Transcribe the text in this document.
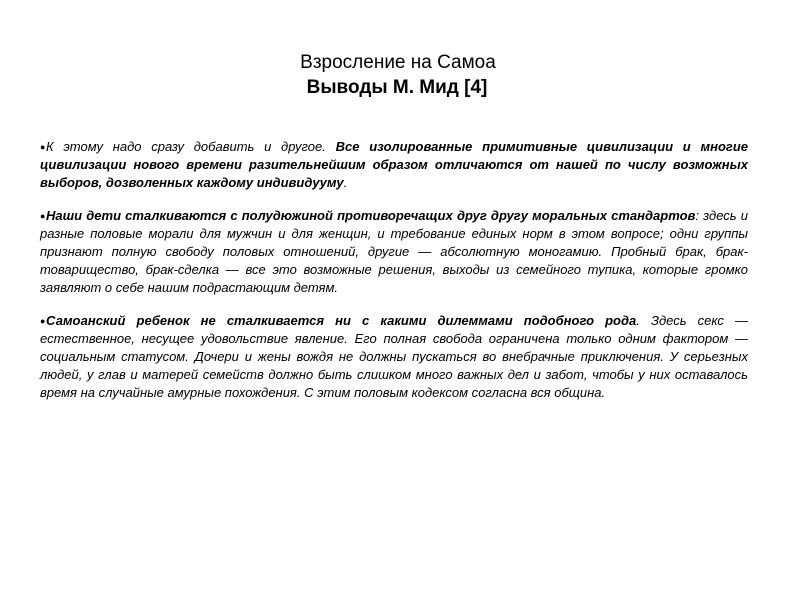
Взросление на Самоа

Выводы М. Мид [4]

●К этому надо сразу добавить и другое. Все изолированные примитивные цивилизации и многие цивилизации нового времени разительнейшим образом отличаются от нашей по числу возможных выборов, дозволенных каждому индивидууму.

●Наши дети сталкиваются с полудюжиной противоречащих друг другу моральных стандартов: здесь и разные половые морали для мужчин и для женщин, и требование единых норм в этом вопросе; одни группы признают полную свободу половых отношений, другие — абсолютную моногамию. Пробный брак, брак-товарищество, брак-сделка — все это возможные решения, выходы из семейного тупика, которые громко заявляют о себе нашим подрастающим детям.

●Самоанский ребенок не сталкивается ни с какими дилеммами подобного рода. Здесь секс — естественное, несущее удовольствие явление. Его полная свобода ограничена только одним фактором — социальным статусом. Дочери и жены вождя не должны пускаться во внебрачные приключения. У серьезных людей, у глав и матерей семейств должно быть слишком много важных дел и забот, чтобы у них оставалось время на случайные амурные похождения. С этим половым кодексом согласна вся община.
